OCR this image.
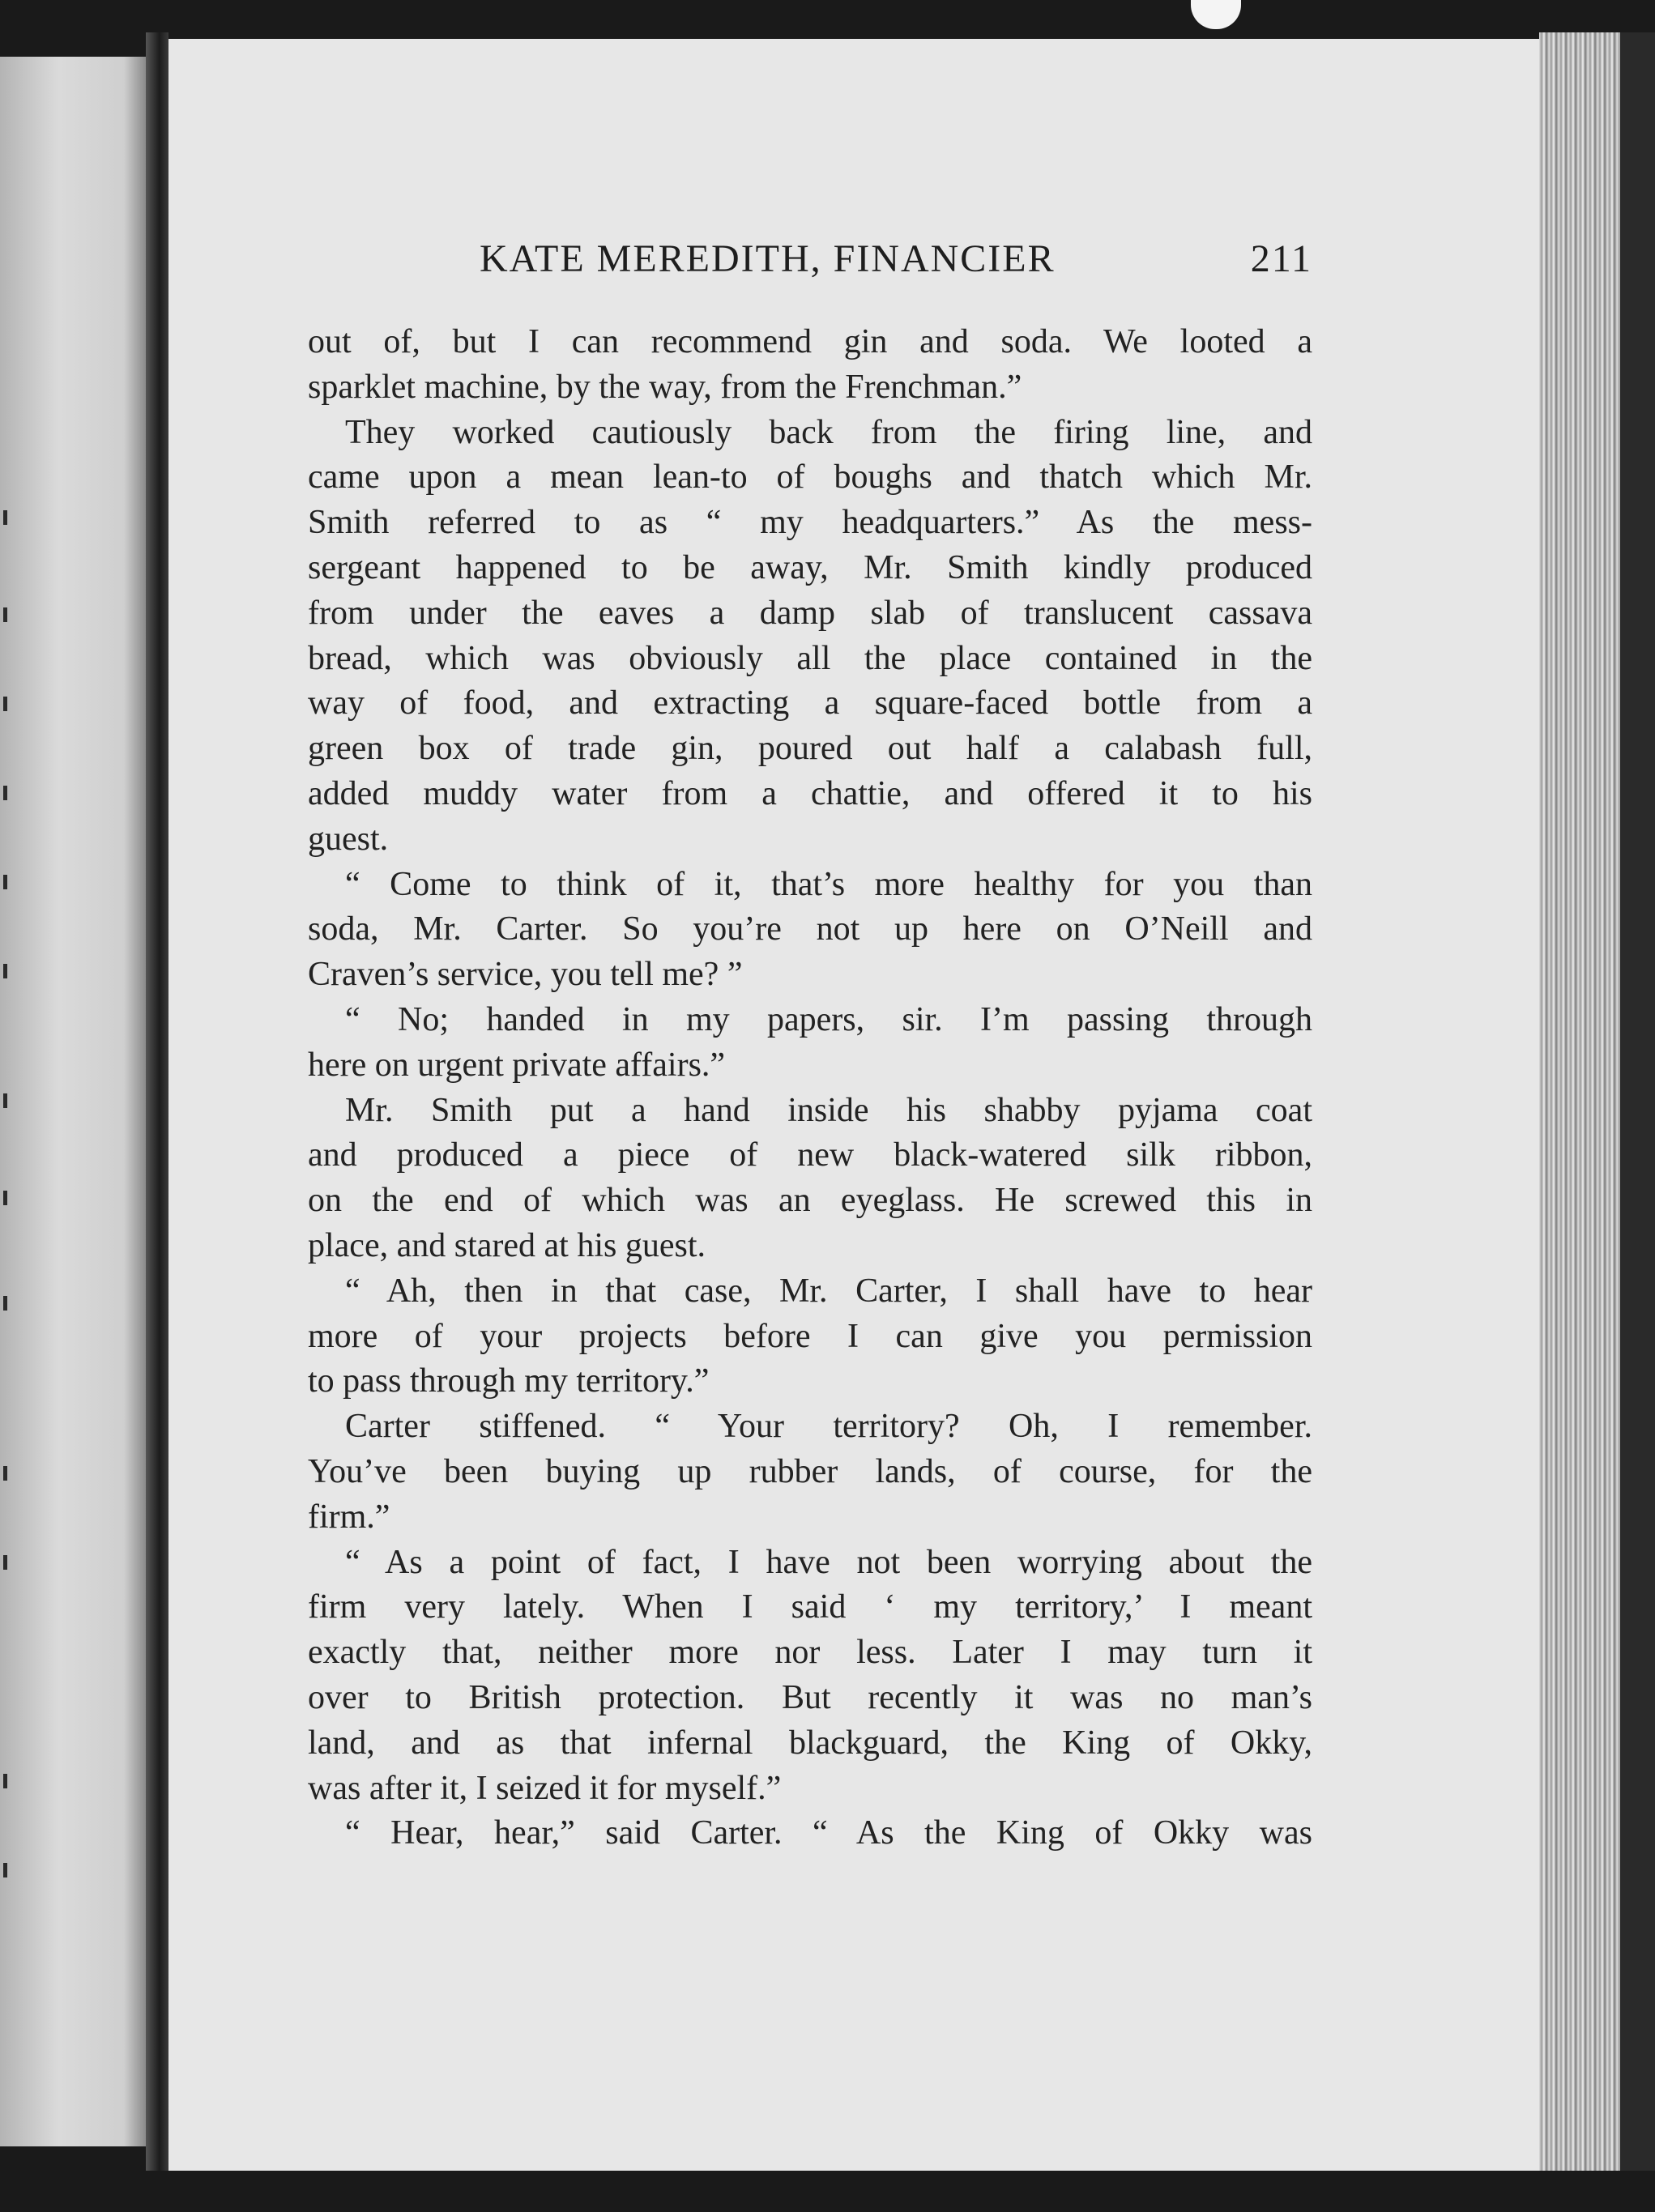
KATE MEREDITH, FINANCIER	211
out of, but I can recommend gin and soda. We looted a
sparklet machine, by the way, from the Frenchman.”
They worked cautiously back from the firing line, and
came upon a mean lean-to of boughs and thatch which Mr.
Smith referred to as “ my headquarters.” As the mess-
sergeant happened to be away, Mr. Smith kindly produced
from under the eaves a damp slab of translucent cassava
bread, which was obviously all the place contained in the
way of food, and extracting a square-faced bottle from a
green box of trade gin, poured out half a calabash full,
added muddy water from a chattie, and offered it to his
guest.
“ Come to think of it, that’s more healthy for you than
soda, Mr. Carter. So you’re not up here on O’Neill and
Craven’s service, you tell me? ”
“ No; handed in my papers, sir. I’m passing through
here on urgent private affairs.”
Mr. Smith put a hand inside his shabby pyjama coat
and produced a piece of new black-watered silk ribbon,
on the end of which was an eyeglass. He screwed this in
place, and stared at his guest.
“ Ah, then in that case, Mr. Carter, I shall have to hear
more of your projects before I can give you permission
to pass through my territory.”
Carter stiffened. “ Your territory? Oh, I remember.
You’ve been buying up rubber lands, of course, for the
firm.”
“ As a point of fact, I have not been worrying about the
firm very lately. When I said ‘ my territory,’ I meant
exactly that, neither more nor less. Later I may turn it
over to British protection. But recently it was no man’s
land, and as that infernal blackguard, the King of Okky,
was after it, I seized it for myself.”
“ Hear, hear,” said Carter. “ As the King of Okky was
